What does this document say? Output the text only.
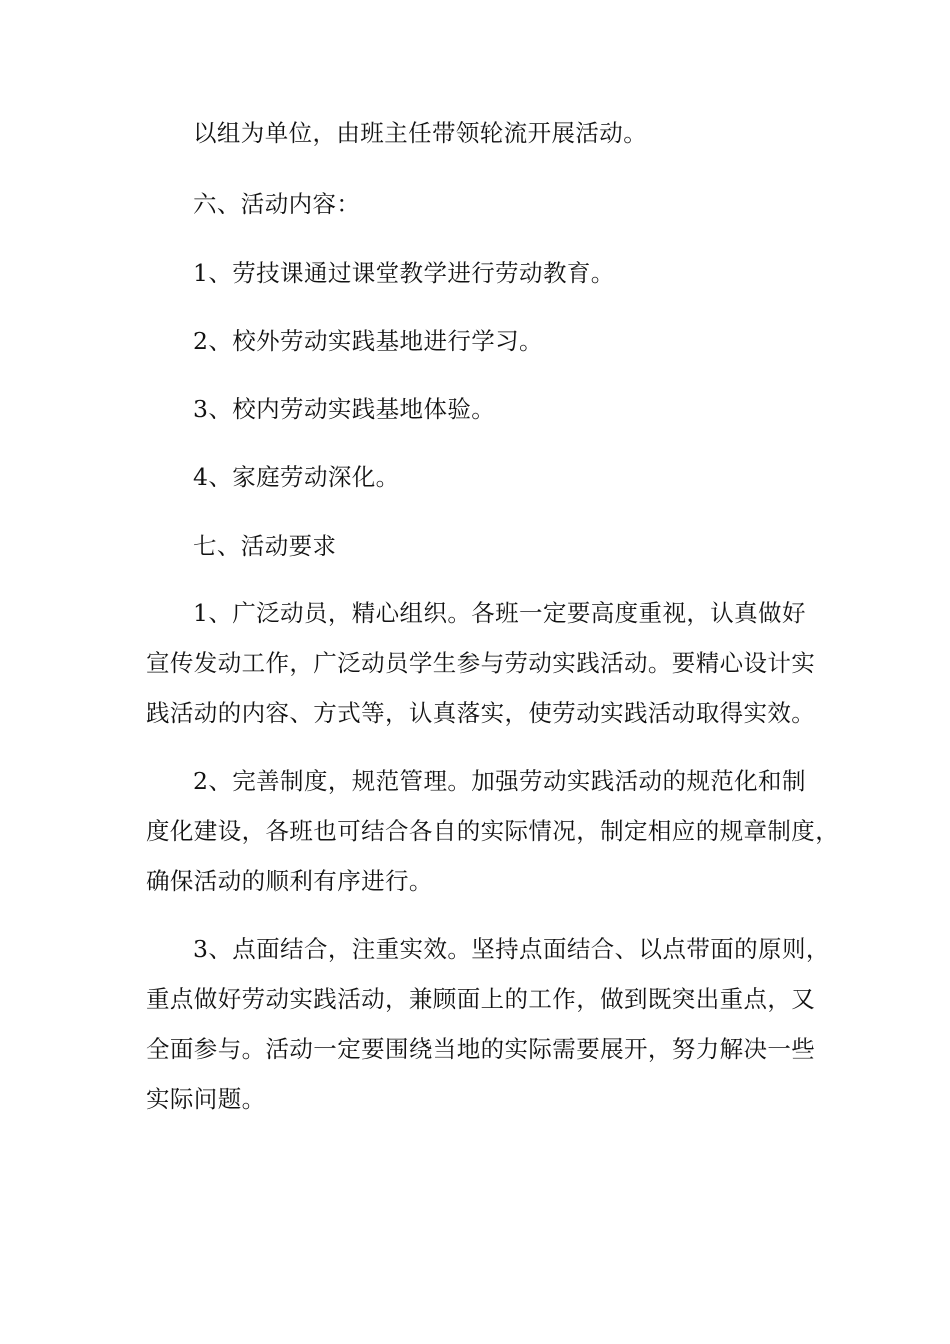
以组为单位，由班主任带领轮流开展活动。
六、活动内容：
1、劳技课通过课堂教学进行劳动教育。
2、校外劳动实践基地进行学习。
3、校内劳动实践基地体验。
4、家庭劳动深化。
七、活动要求
1、广泛动员，精心组织。各班一定要高度重视，认真做好
宣传发动工作，广泛动员学生参与劳动实践活动。要精心设计实
践活动的内容、方式等，认真落实，使劳动实践活动取得实效。
2、完善制度，规范管理。加强劳动实践活动的规范化和制
度化建设，各班也可结合各自的实际情况，制定相应的规章制度，
确保活动的顺利有序进行。
3、点面结合，注重实效。坚持点面结合、以点带面的原则，
重点做好劳动实践活动，兼顾面上的工作，做到既突出重点，又
全面参与。活动一定要围绕当地的实际需要展开，努力解决一些
实际问题。
